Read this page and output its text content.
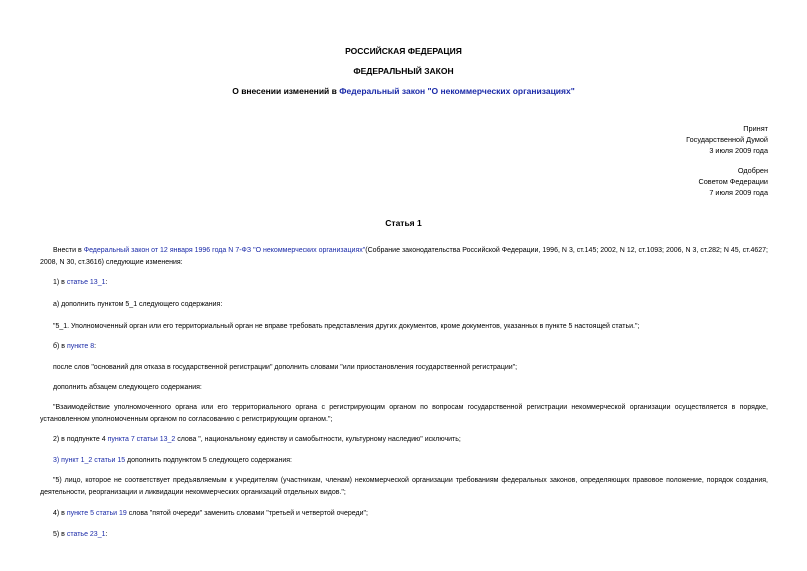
РОССИЙСКАЯ ФЕДЕРАЦИЯ
ФЕДЕРАЛЬНЫЙ ЗАКОН
О внесении изменений в Федеральный закон "О некоммерческих организациях"
Принят
Государственной Думой
3 июля 2009 года
Одобрен
Советом Федерации
7 июля 2009 года
Статья 1
Внести в Федеральный закон от 12 января 1996 года N 7-ФЗ "О некоммерческих организациях"(Собрание законодательства Российской Федерации, 1996, N 3, ст.145; 2002, N 12, ст.1093; 2006, N 3, ст.282; N 45, ст.4627; 2008, N 30, ст.3616) следующие изменения:
1) в статье 13_1:
а) дополнить пунктом 5_1 следующего содержания:
"5_1. Уполномоченный орган или его территориальный орган не вправе требовать представления других документов, кроме документов, указанных в пункте 5 настоящей статьи.";
б) в пункте 8:
после слов "оснований для отказа в государственной регистрации" дополнить словами "или приостановления государственной регистрации";
дополнить абзацем следующего содержания:
"Взаимодействие уполномоченного органа или его территориального органа с регистрирующим органом по вопросам государственной регистрации некоммерческой организации осуществляется в порядке, установленном уполномоченным органом по согласованию с регистрирующим органом.";
2) в подпункте 4 пункта 7 статьи 13_2 слова ", национальному единству и самобытности, культурному наследию" исключить;
3) пункт 1_2 статьи 15 дополнить подпунктом 5 следующего содержания:
"5) лицо, которое не соответствует предъявляемым к учредителям (участникам, членам) некоммерческой организации требованиям федеральных законов, определяющих правовое положение, порядок создания, деятельности, реорганизации и ликвидации некоммерческих организаций отдельных видов.";
4) в пункте 5 статьи 19 слова "пятой очереди" заменить словами "третьей и четвертой очереди";
5) в статье 23_1:
